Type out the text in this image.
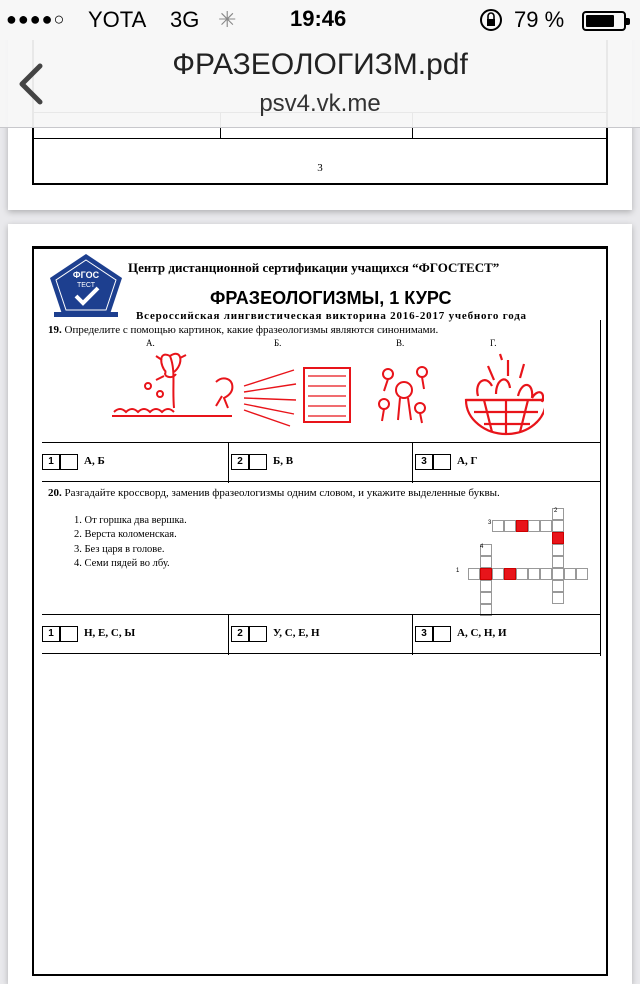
●●●●○ YOTA 3G ✳ 19:46	79 %
ФРАЗЕОЛОГИЗМ.pdf
psv4.vk.me
3
ФГОС
ТЕСТ
Центр дистанционной сертификации учащихся “ФГОСТЕСТ”
ФРАЗЕОЛОГИЗМЫ, 1 КУРС
Всероссийская лингвистическая викторина 2016-2017 учебного года
19. Определите с помощью картинок, какие фразеологизмы являются синонимами.
А.	Б.	В.	Г.
1	А, Б	2	Б, В	3	А, Г
20. Разгадайте кроссворд, заменив фразеологизмы одним словом, и укажите выделенные буквы.
1. От горшка два вершка.
2. Верста коломенская.
3. Без царя в голове.
4. Семи пядей во лбу.
1
2
3
4
1	Н, Е, С, Ы	2	У, С, Е, Н	3	А, С, Н, И
